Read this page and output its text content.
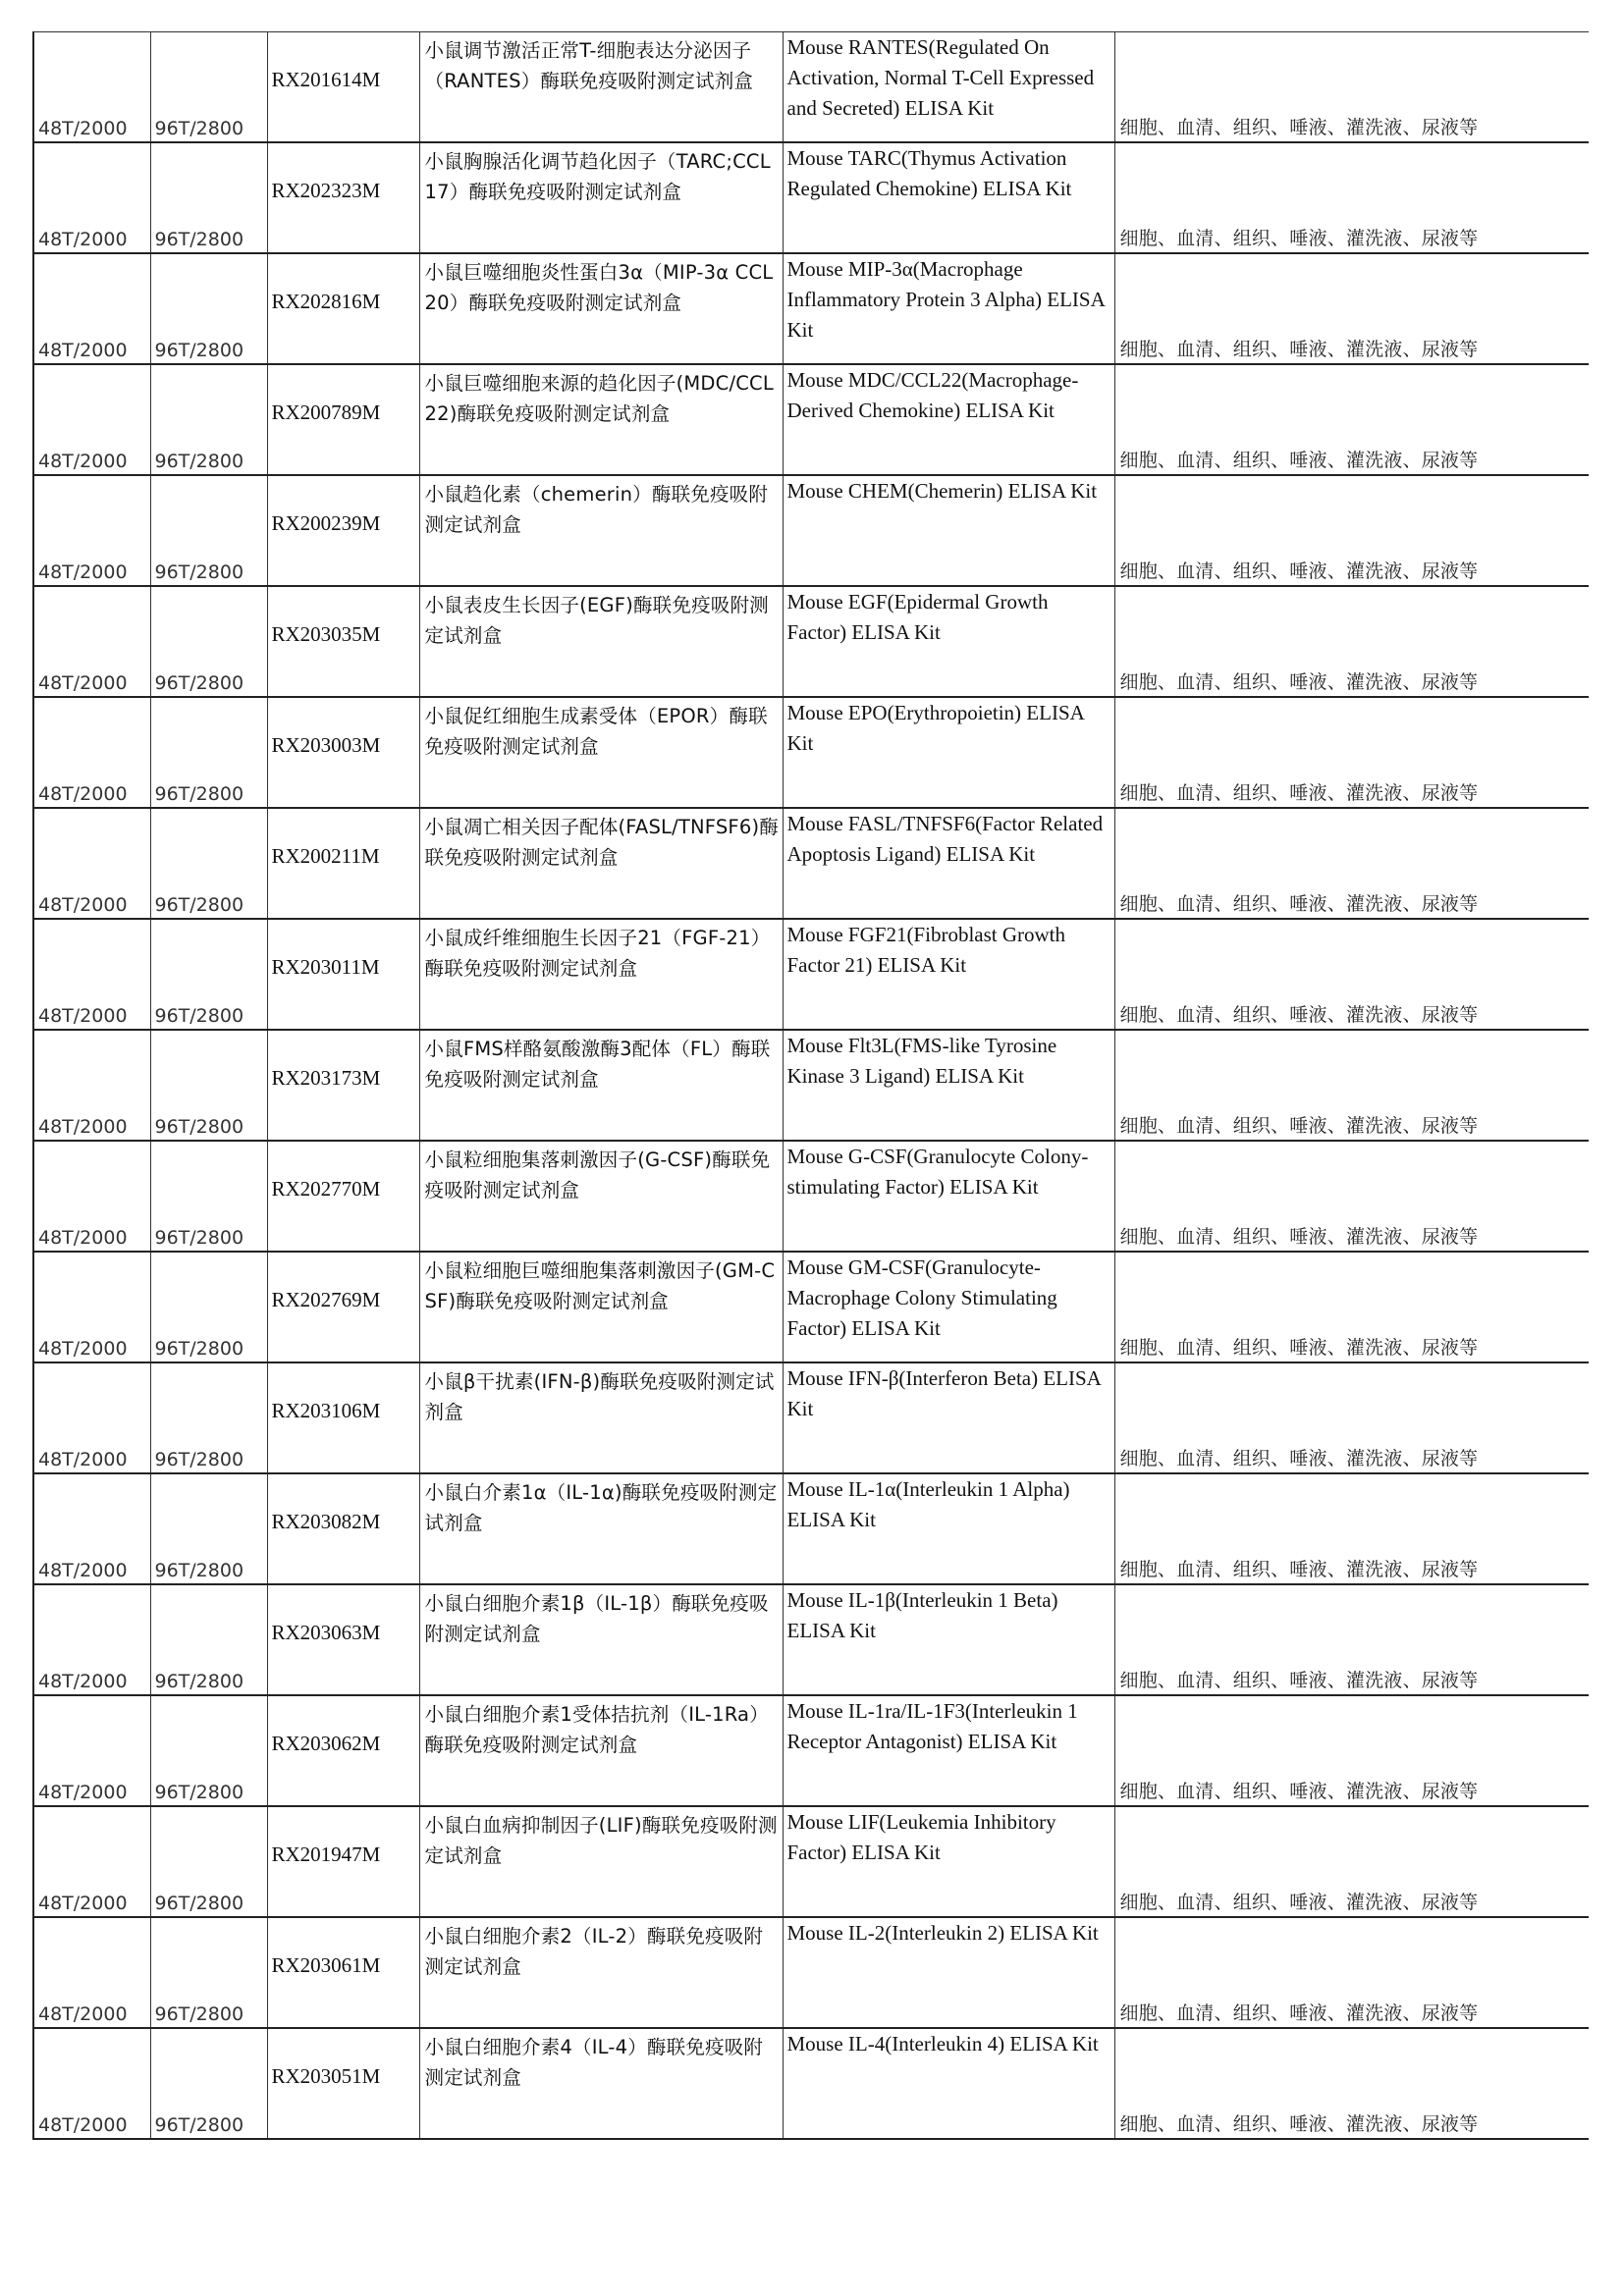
48T/2000	96T/2800	RX201614M	小鼠调节激活正常T-细胞表达分泌因子（RANTES）酶联免疫吸附测定试剂盒	Mouse RANTES(Regulated On Activation, Normal T-Cell Expressed and Secreted) ELISA Kit	细胞、血清、组织、唾液、灌洗液、尿液等

48T/2000	96T/2800	RX202323M	小鼠胸腺活化调节趋化因子（TARC;CCL17）酶联免疫吸附测定试剂盒	Mouse TARC(Thymus Activation Regulated Chemokine) ELISA Kit	细胞、血清、组织、唾液、灌洗液、尿液等

48T/2000	96T/2800	RX202816M	小鼠巨噬细胞炎性蛋白3α（MIP-3α CCL20）酶联免疫吸附测定试剂盒	Mouse MIP-3α(Macrophage Inflammatory Protein 3 Alpha) ELISA Kit	细胞、血清、组织、唾液、灌洗液、尿液等

48T/2000	96T/2800	RX200789M	小鼠巨噬细胞来源的趋化因子(MDC/CCL22)酶联免疫吸附测定试剂盒	Mouse MDC/CCL22(Macrophage-Derived Chemokine) ELISA Kit	细胞、血清、组织、唾液、灌洗液、尿液等

48T/2000	96T/2800	RX200239M	小鼠趋化素（chemerin）酶联免疫吸附测定试剂盒	Mouse CHEM(Chemerin) ELISA Kit	细胞、血清、组织、唾液、灌洗液、尿液等

48T/2000	96T/2800	RX203035M	小鼠表皮生长因子(EGF)酶联免疫吸附测定试剂盒	Mouse EGF(Epidermal Growth Factor) ELISA Kit	细胞、血清、组织、唾液、灌洗液、尿液等

48T/2000	96T/2800	RX203003M	小鼠促红细胞生成素受体（EPOR）酶联免疫吸附测定试剂盒	Mouse EPO(Erythropoietin) ELISA Kit	细胞、血清、组织、唾液、灌洗液、尿液等

48T/2000	96T/2800	RX200211M	小鼠凋亡相关因子配体(FASL/TNFSF6)酶联免疫吸附测定试剂盒	Mouse FASL/TNFSF6(Factor Related Apoptosis Ligand) ELISA Kit	细胞、血清、组织、唾液、灌洗液、尿液等

48T/2000	96T/2800	RX203011M	小鼠成纤维细胞生长因子21（FGF-21）酶联免疫吸附测定试剂盒	Mouse FGF21(Fibroblast Growth Factor 21) ELISA Kit	细胞、血清、组织、唾液、灌洗液、尿液等

48T/2000	96T/2800	RX203173M	小鼠FMS样酪氨酸激酶3配体（FL）酶联免疫吸附测定试剂盒	Mouse Flt3L(FMS-like Tyrosine Kinase 3 Ligand) ELISA Kit	细胞、血清、组织、唾液、灌洗液、尿液等

48T/2000	96T/2800	RX202770M	小鼠粒细胞集落刺激因子(G-CSF)酶联免疫吸附测定试剂盒	Mouse G-CSF(Granulocyte Colony-stimulating Factor) ELISA Kit	细胞、血清、组织、唾液、灌洗液、尿液等

48T/2000	96T/2800	RX202769M	小鼠粒细胞巨噬细胞集落刺激因子(GM-CSF)酶联免疫吸附测定试剂盒	Mouse GM-CSF(Granulocyte-Macrophage Colony Stimulating Factor) ELISA Kit	细胞、血清、组织、唾液、灌洗液、尿液等

48T/2000	96T/2800	RX203106M	小鼠β干扰素(IFN-β)酶联免疫吸附测定试剂盒	Mouse IFN-β(Interferon Beta) ELISA Kit	细胞、血清、组织、唾液、灌洗液、尿液等

48T/2000	96T/2800	RX203082M	小鼠白介素1α（IL-1α)酶联免疫吸附测定试剂盒	Mouse IL-1α(Interleukin 1 Alpha) ELISA Kit	细胞、血清、组织、唾液、灌洗液、尿液等

48T/2000	96T/2800	RX203063M	小鼠白细胞介素1β（IL-1β）酶联免疫吸附测定试剂盒	Mouse IL-1β(Interleukin 1 Beta) ELISA Kit	细胞、血清、组织、唾液、灌洗液、尿液等

48T/2000	96T/2800	RX203062M	小鼠白细胞介素1受体拮抗剂（IL-1Ra）酶联免疫吸附测定试剂盒	Mouse IL-1ra/IL-1F3(Interleukin 1 Receptor Antagonist) ELISA Kit	细胞、血清、组织、唾液、灌洗液、尿液等

48T/2000	96T/2800	RX201947M	小鼠白血病抑制因子(LIF)酶联免疫吸附测定试剂盒	Mouse LIF(Leukemia Inhibitory Factor) ELISA Kit	细胞、血清、组织、唾液、灌洗液、尿液等

48T/2000	96T/2800	RX203061M	小鼠白细胞介素2（IL-2）酶联免疫吸附测定试剂盒	Mouse IL-2(Interleukin 2) ELISA Kit	细胞、血清、组织、唾液、灌洗液、尿液等

48T/2000	96T/2800	RX203051M	小鼠白细胞介素4（IL-4）酶联免疫吸附测定试剂盒	Mouse IL-4(Interleukin 4) ELISA Kit	细胞、血清、组织、唾液、灌洗液、尿液等
